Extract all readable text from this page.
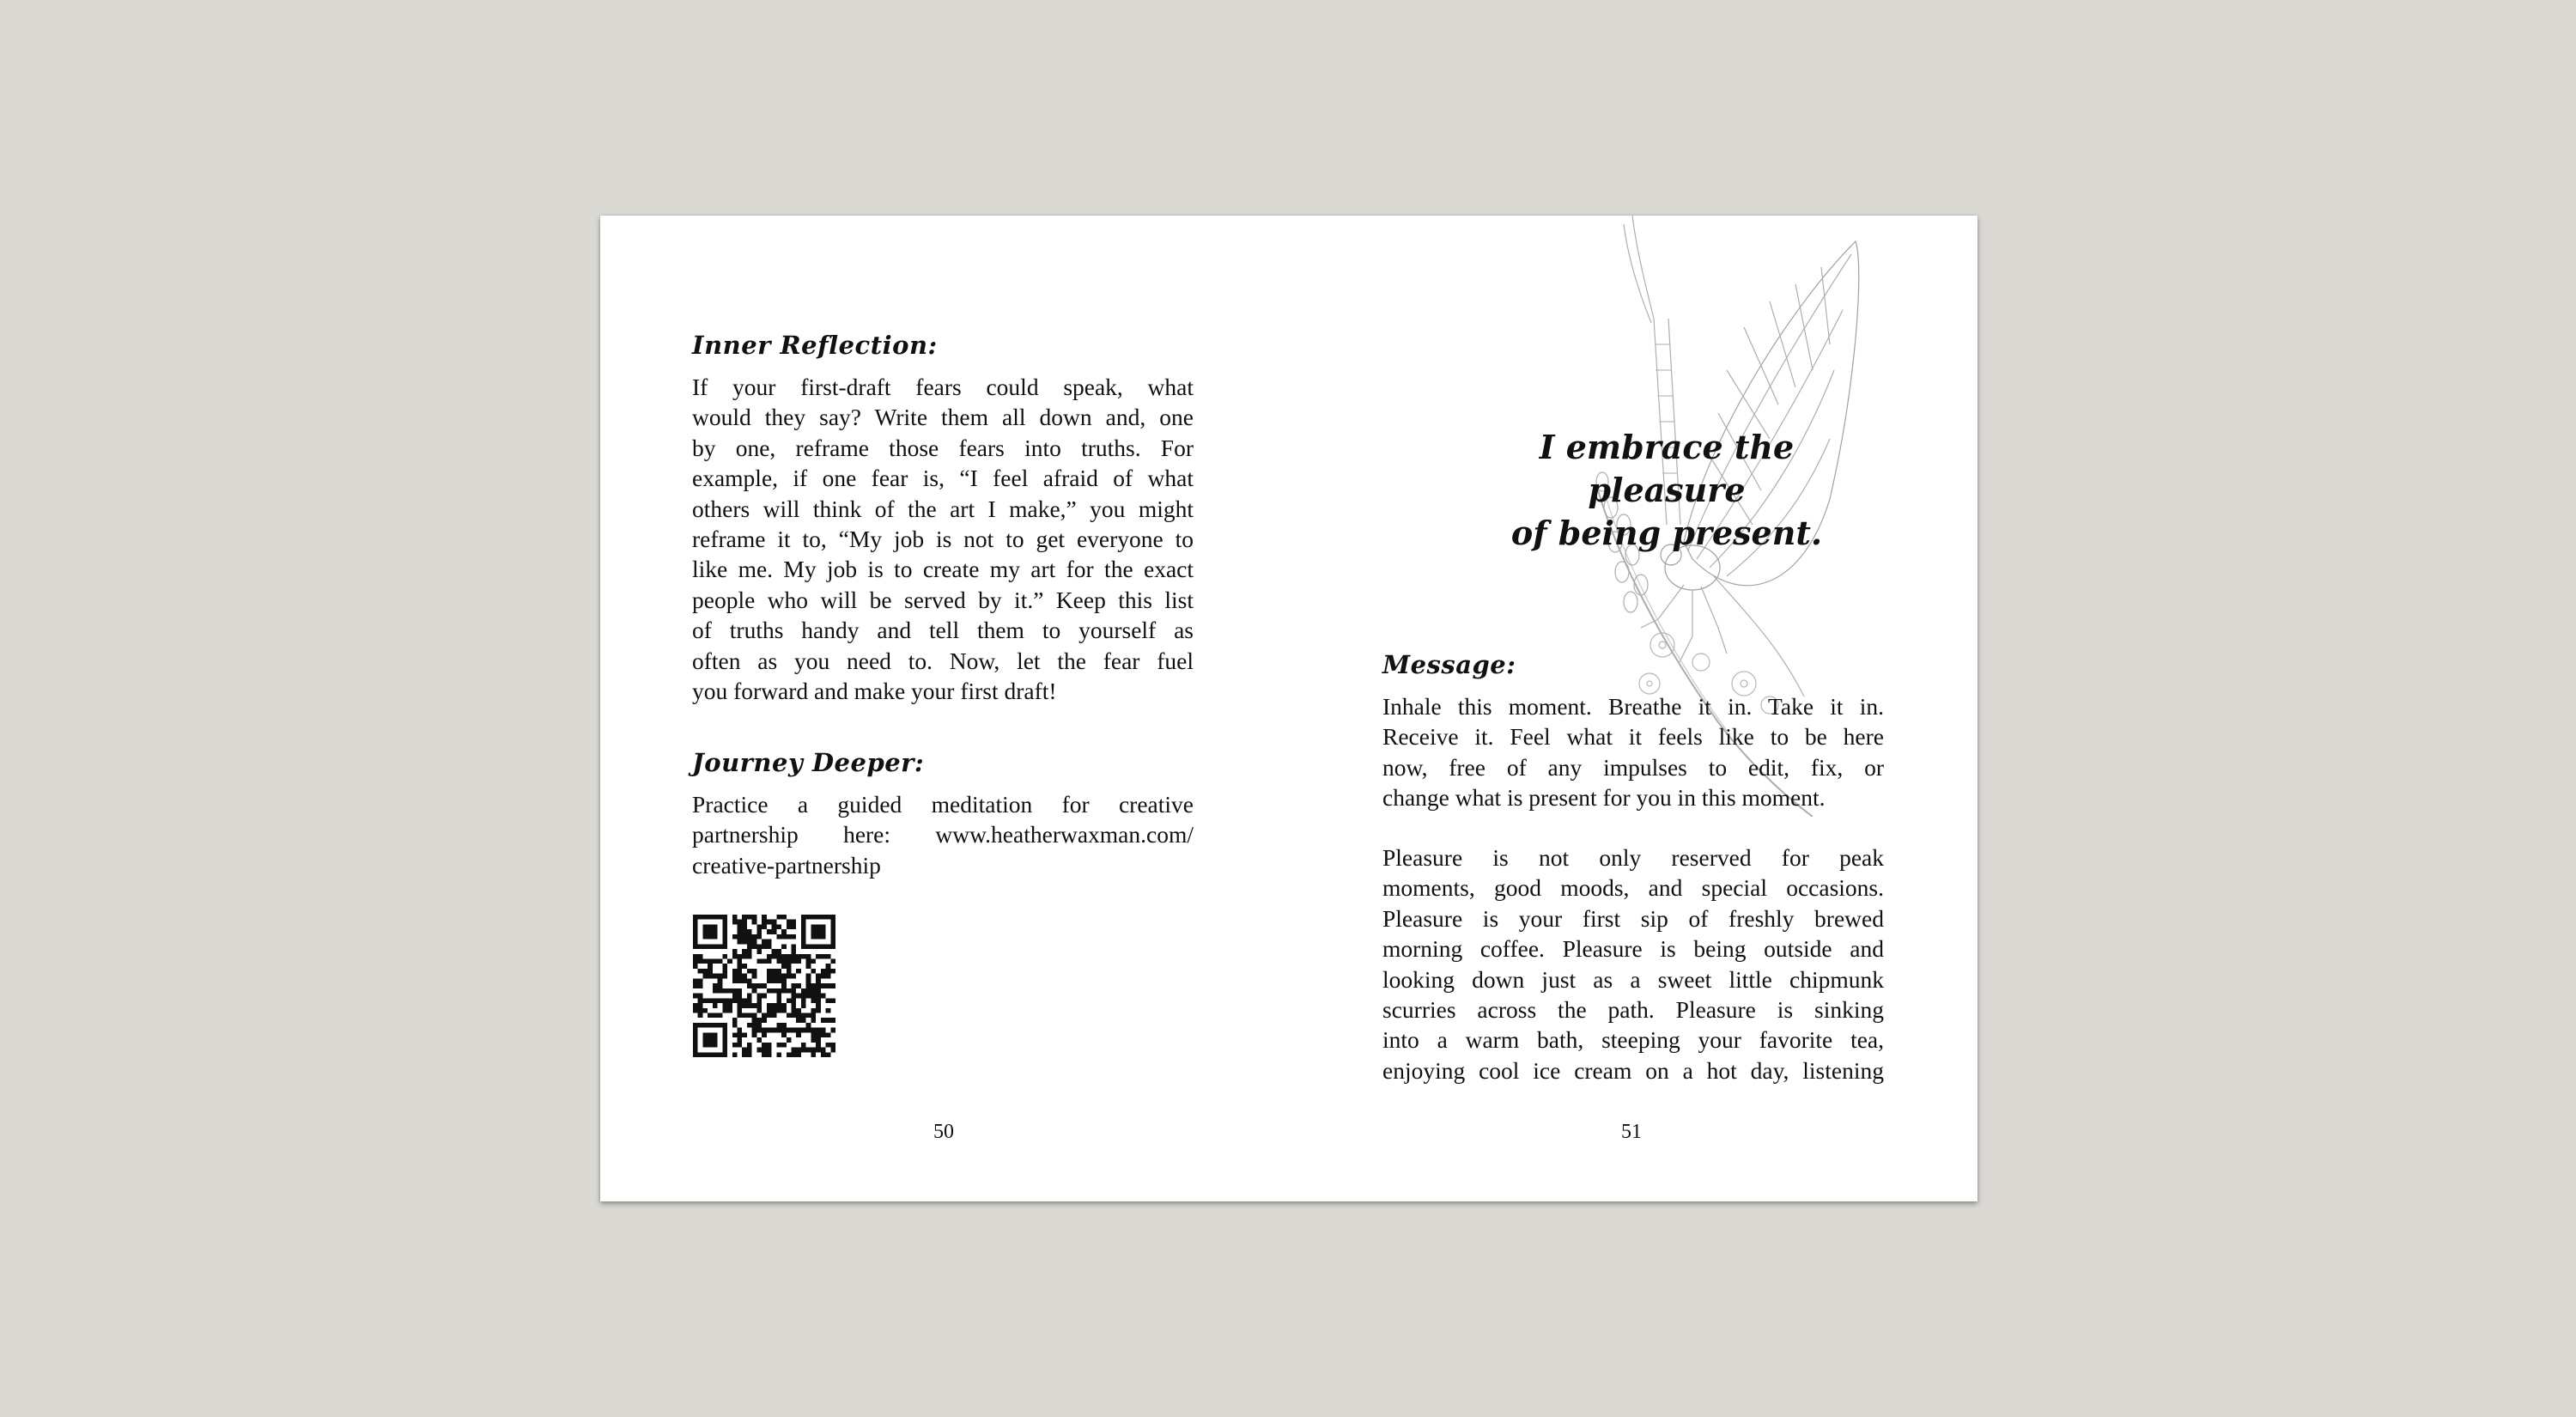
Inner Reflection:
If your first-draft fears could speak, what
would they say? Write them all down and, one
by one, reframe those fears into truths. For
example, if one fear is, “I feel afraid of what
others will think of the art I make,” you might
reframe it to, “My job is not to get everyone to
like me. My job is to create my art for the exact
people who will be served by it.” Keep this list
of truths handy and tell them to yourself as
often as you need to. Now, let the fear fuel
you forward and make your first draft!
Journey Deeper:
Practice a guided meditation for creative
partnership here: www.heatherwaxman.com/
creative-partnership
50
I embrace the pleasure
of being present.
Message:
Inhale this moment. Breathe it in. Take it in.
Receive it. Feel what it feels like to be here
now, free of any impulses to edit, fix, or
change what is present for you in this moment.
Pleasure is not only reserved for peak
moments, good moods, and special occasions.
Pleasure is your first sip of freshly brewed
morning coffee. Pleasure is being outside and
looking down just as a sweet little chipmunk
scurries across the path. Pleasure is sinking
into a warm bath, steeping your favorite tea,
enjoying cool ice cream on a hot day, listening
51
